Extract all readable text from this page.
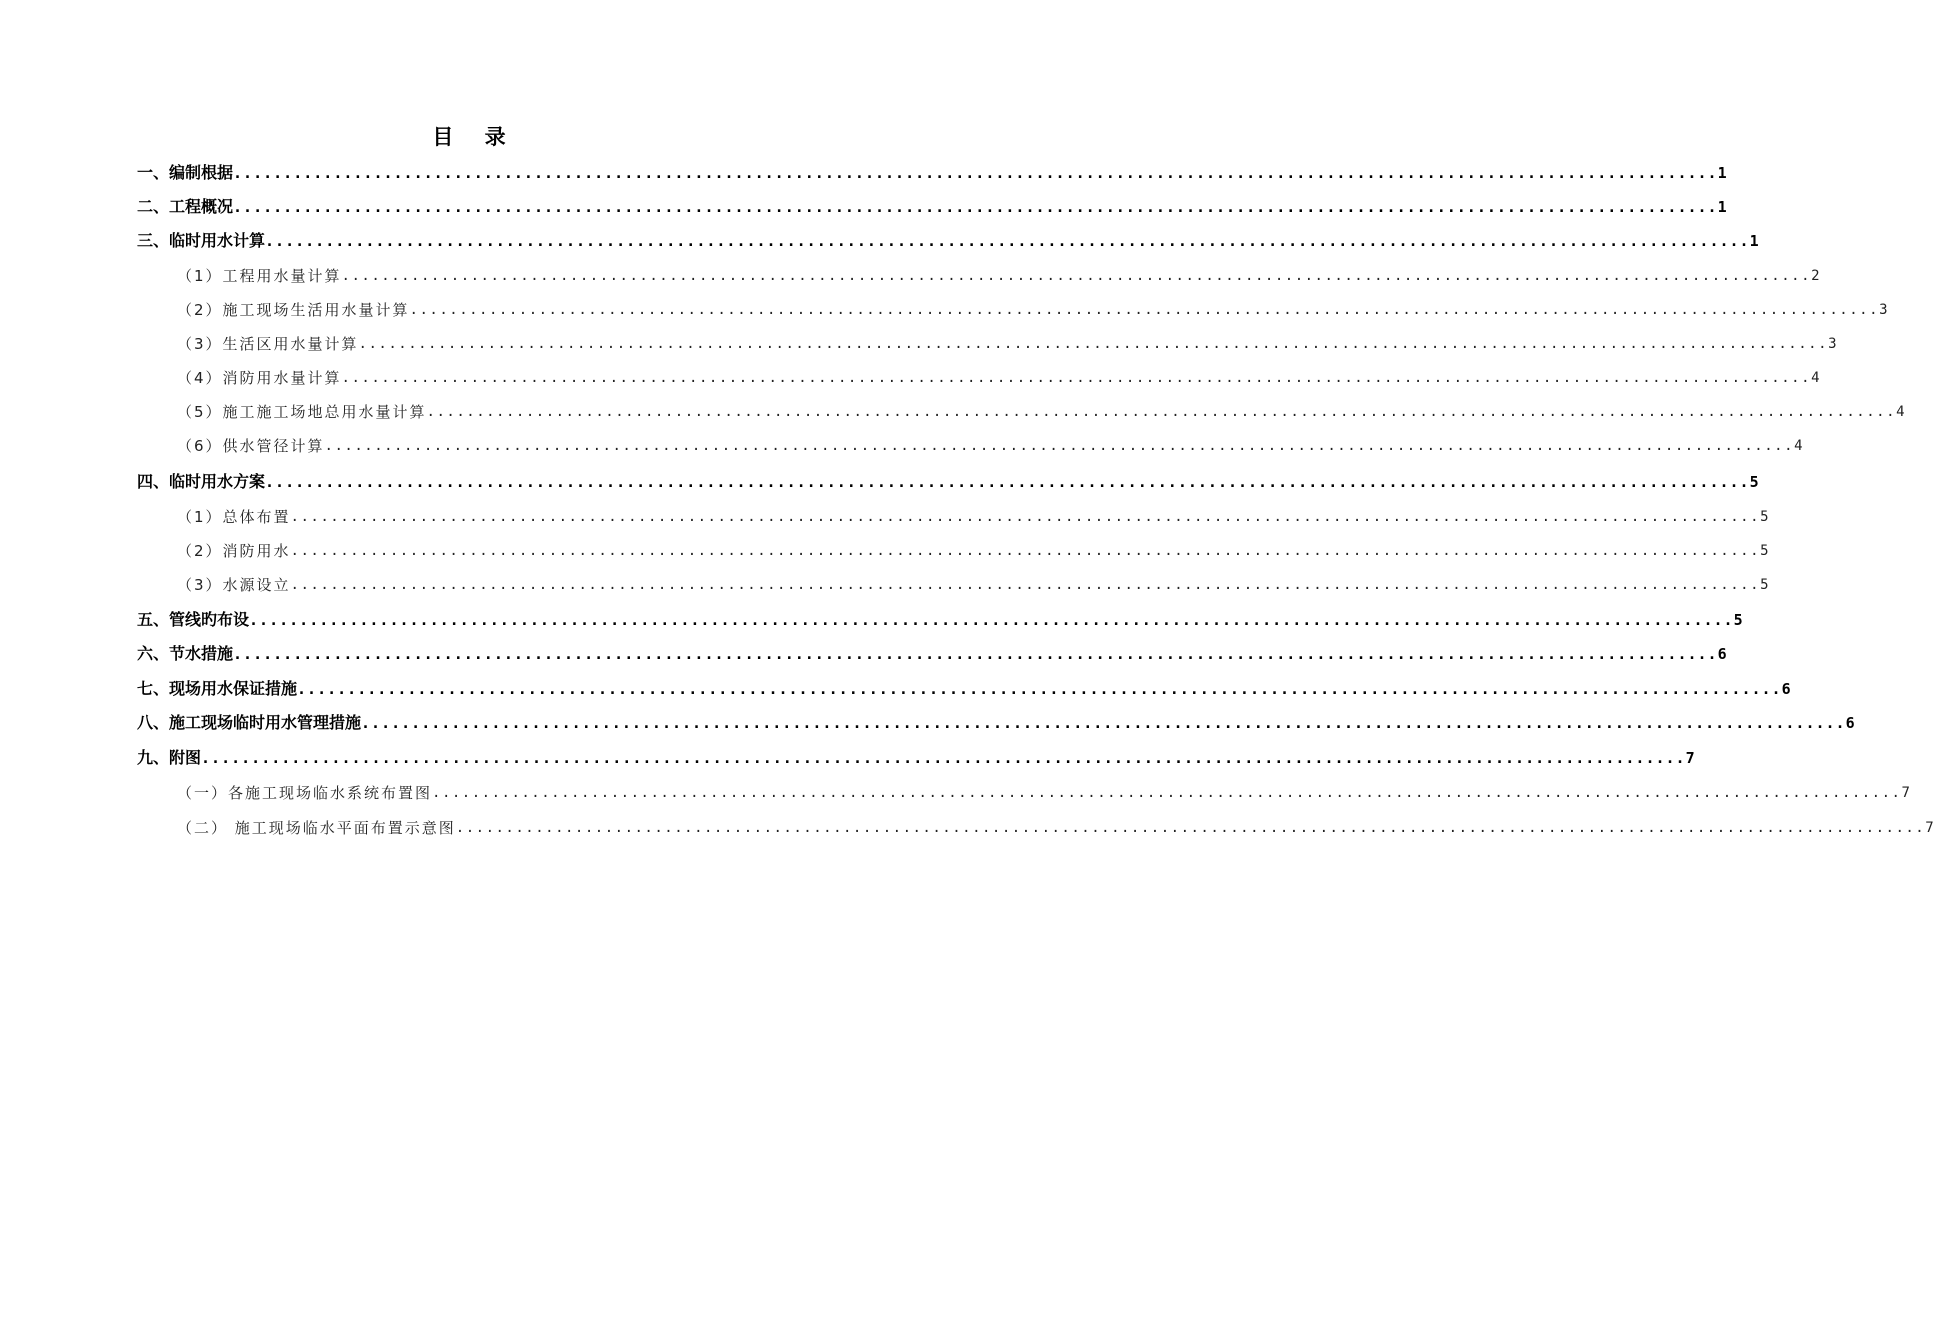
目 录
一、编制根据 .................................................................................................................................................... 1
二、工程概况 .................................................................................................................................................... 1
三、临时用水计算 .................................................................................................................................................... 1
（1）工程用水量计算 .................................................................................................................................................... 2
（2）施工现场生活用水量计算 .................................................................................................................................................... 3
（3）生活区用水量计算 .................................................................................................................................................... 3
（4）消防用水量计算 .................................................................................................................................................... 4
（5）施工施工场地总用水量计算 .................................................................................................................................................... 4
（6）供水管径计算 .................................................................................................................................................... 4
四、临时用水方案 .................................................................................................................................................... 5
（1）总体布置 .................................................................................................................................................... 5
（2）消防用水 .................................................................................................................................................... 5
（3）水源设立 .................................................................................................................................................... 5
五、管线旳布设 .................................................................................................................................................... 5
六、节水措施 .................................................................................................................................................... 6
七、现场用水保证措施 .................................................................................................................................................... 6
八、施工现场临时用水管理措施 .................................................................................................................................................... 6
九、附图 .................................................................................................................................................... 7
（一）各施工现场临水系统布置图 .................................................................................................................................................... 7
（二） 施工现场临水平面布置示意图 .................................................................................................................................................... 7
